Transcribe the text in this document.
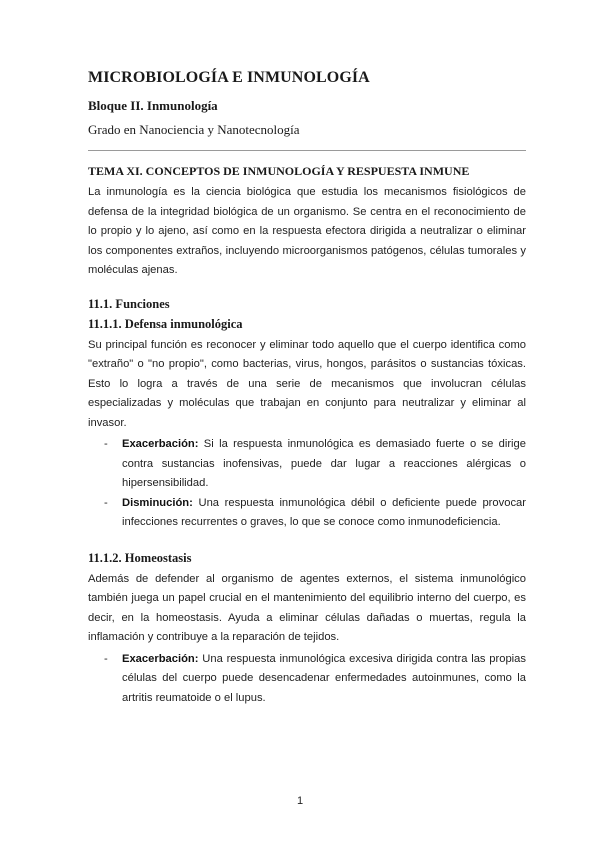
MICROBIOLOGÍA E INMUNOLOGÍA
Bloque II. Inmunología
Grado en Nanociencia y Nanotecnología
TEMA XI. CONCEPTOS DE INMUNOLOGÍA Y RESPUESTA INMUNE

La inmunología es la ciencia biológica que estudia los mecanismos fisiológicos de defensa de la integridad biológica de un organismo. Se centra en el reconocimiento de lo propio y lo ajeno, así como en la respuesta efectora dirigida a neutralizar o eliminar los componentes extraños, incluyendo microorganismos patógenos, células tumorales y moléculas ajenas.

11.1. Funciones
11.1.1. Defensa inmunológica

Su principal función es reconocer y eliminar todo aquello que el cuerpo identifica como "extraño" o "no propio", como bacterias, virus, hongos, parásitos o sustancias tóxicas. Esto lo logra a través de una serie de mecanismos que involucran células especializadas y moléculas que trabajan en conjunto para neutralizar y eliminar al invasor.

- Exacerbación: Si la respuesta inmunológica es demasiado fuerte o se dirige contra sustancias inofensivas, puede dar lugar a reacciones alérgicas o hipersensibilidad.
- Disminución: Una respuesta inmunológica débil o deficiente puede provocar infecciones recurrentes o graves, lo que se conoce como inmunodeficiencia.
11.1.2. Homeostasis

Además de defender al organismo de agentes externos, el sistema inmunológico también juega un papel crucial en el mantenimiento del equilibrio interno del cuerpo, es decir, en la homeostasis. Ayuda a eliminar células dañadas o muertas, regula la inflamación y contribuye a la reparación de tejidos.

- Exacerbación: Una respuesta inmunológica excesiva dirigida contra las propias células del cuerpo puede desencadenar enfermedades autoinmunes, como la artritis reumatoide o el lupus.
1
